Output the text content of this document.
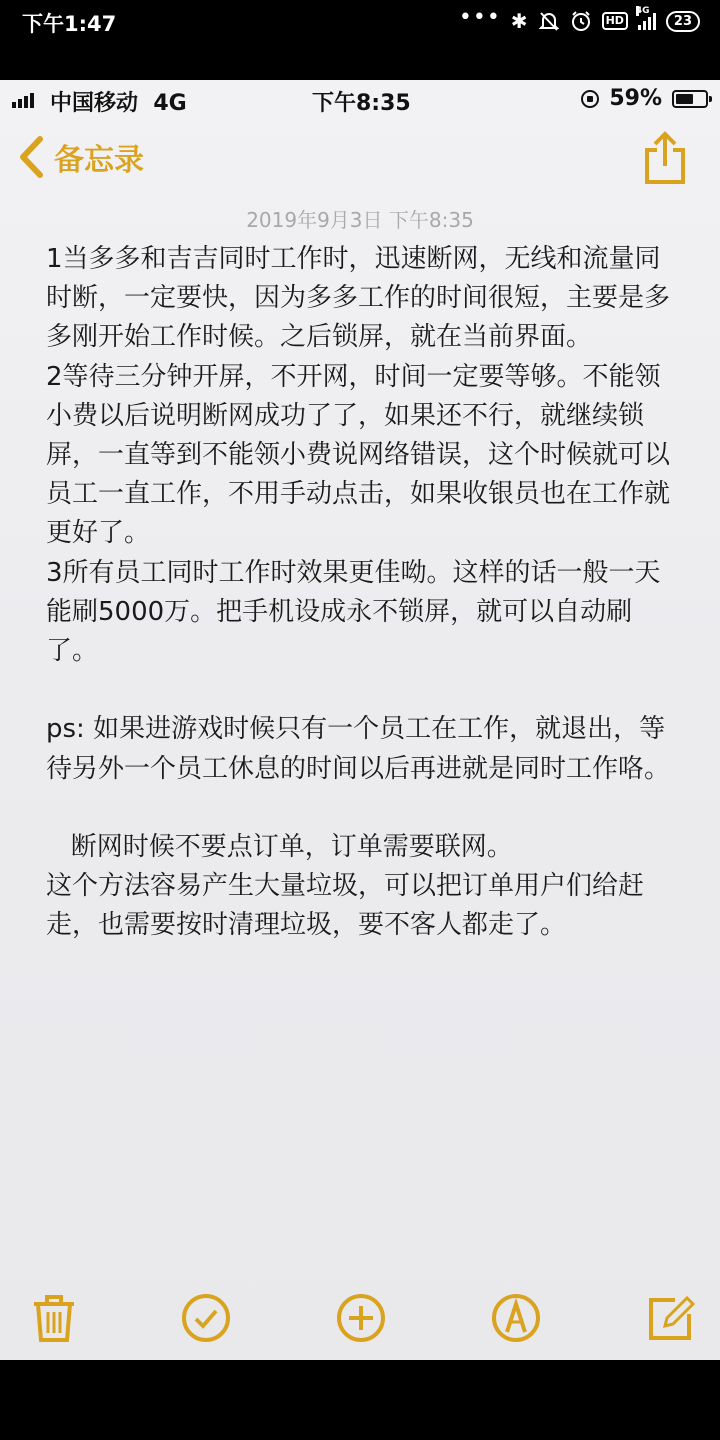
下午1:47	••• ✱	HD
4G
23
中国移动 4G	下午8:35	59%
备忘录
2019年9月3日 下午8:35
1当多多和吉吉同时工作时，迅速断网，无线和流量同时断，一定要快，因为多多工作的时间很短，主要是多多刚开始工作时候。之后锁屏，就在当前界面。
2等待三分钟开屏，不开网，时间一定要等够。不能领小费以后说明断网成功了了，如果还不行，就继续锁屏，一直等到不能领小费说网络错误，这个时候就可以员工一直工作，不用手动点击，如果收银员也在工作就更好了。
3所有员工同时工作时效果更佳呦。这样的话一般一天能刷5000万。把手机设成永不锁屏，就可以自动刷了。

ps: 如果进游戏时候只有一个员工在工作，就退出，等待另外一个员工休息的时间以后再进就是同时工作咯。

断网时候不要点订单，订单需要联网。
这个方法容易产生大量垃圾，可以把订单用户们给赶走，也需要按时清理垃圾，要不客人都走了。
